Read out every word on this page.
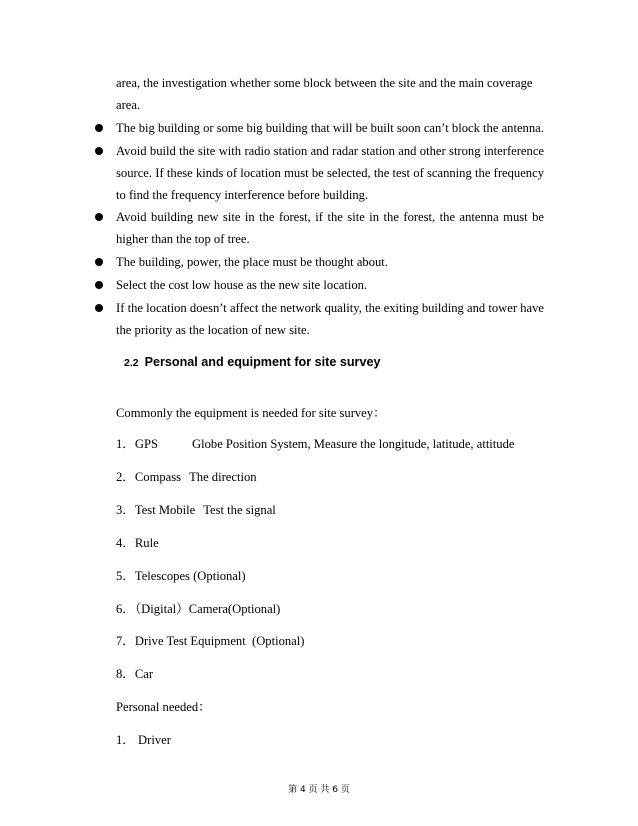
area, the investigation whether some block between the site and the main coverage

area.

The big building or some big building that will be built soon can’t block the antenna.

Avoid build the site with radio station and radar station and other strong interference source. If these kinds of location must be selected, the test of scanning the frequency to find the frequency interference before building.

Avoid building new site in the forest, if the site in the forest, the antenna must be higher than the top of tree.

The building, power, the place must be thought about.

Select the cost low house as the new site location.

If the location doesn’t affect the network quality, the exiting building and tower have the priority as the location of new site.

2.2 Personal and equipment for site survey
Commonly the equipment is needed for site survey：
1．GPS	Globe Position System, Measure the longitude, latitude, attitude
2．Compass The direction
3．Test Mobile Test the signal
4．Rule
5．Telescopes (Optional)
6．（Digital）Camera(Optional)
7．Drive Test Equipment  (Optional)
8．Car
Personal needed：
1． Driver
第 4 页 共 6 页
